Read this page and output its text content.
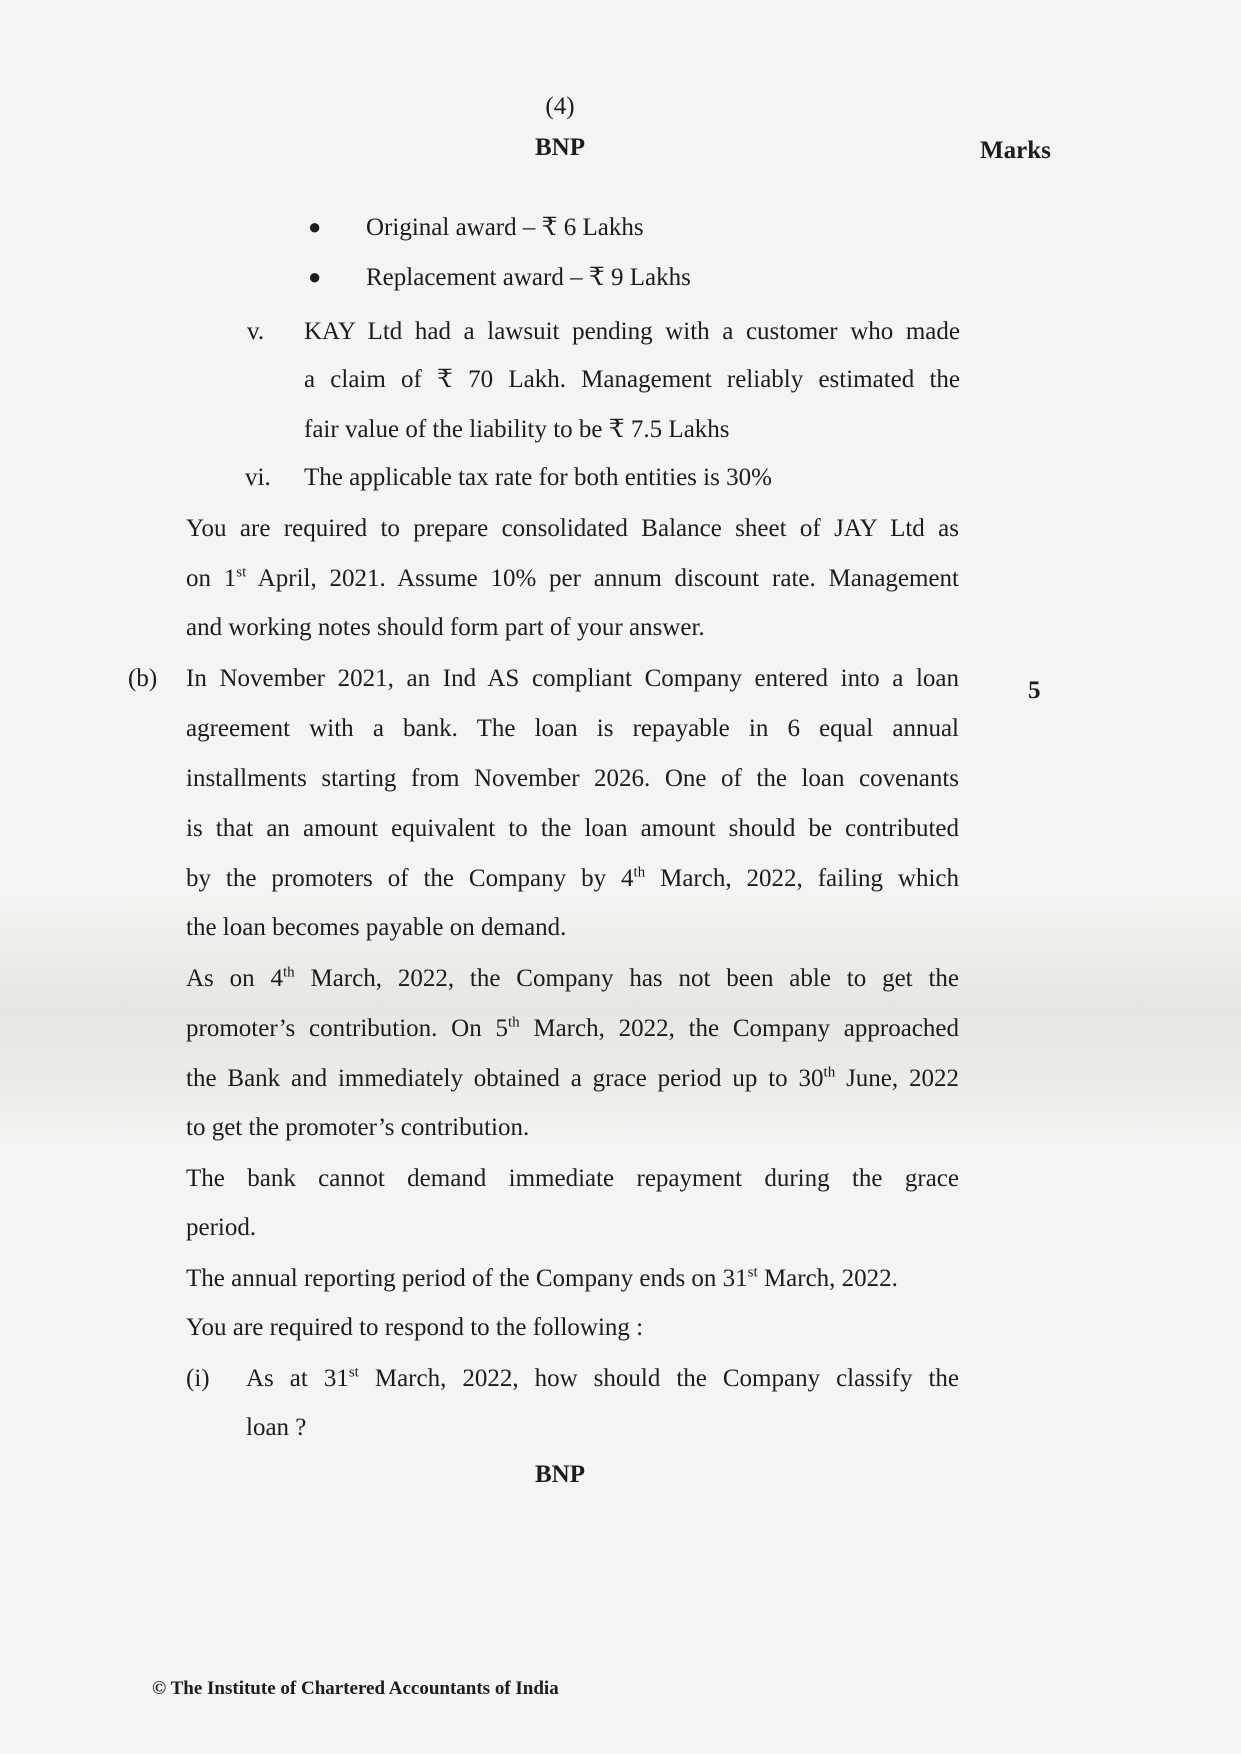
(4)
BNP	Marks
● Original award – ₹ 6 Lakhs
● Replacement award – ₹ 9 Lakhs
v. KAY Ltd had a lawsuit pending with a customer who made
a claim of ₹ 70 Lakh. Management reliably estimated the
fair value of the liability to be ₹ 7.5 Lakhs
vi. The applicable tax rate for both entities is 30%
You are required to prepare consolidated Balance sheet of JAY Ltd as
on 1st April, 2021. Assume 10% per annum discount rate. Management
and working notes should form part of your answer.
(b)	5
In November 2021, an Ind AS compliant Company entered into a loan
agreement with a bank. The loan is repayable in 6 equal annual
installments starting from November 2026. One of the loan covenants
is that an amount equivalent to the loan amount should be contributed
by the promoters of the Company by 4th March, 2022, failing which
the loan becomes payable on demand.
As on 4th March, 2022, the Company has not been able to get the
promoter’s contribution. On 5th March, 2022, the Company approached
the Bank and immediately obtained a grace period up to 30th June, 2022
to get the promoter’s contribution.
The bank cannot demand immediate repayment during the grace
period.
The annual reporting period of the Company ends on 31st March, 2022.
You are required to respond to the following :
(i) As at 31st March, 2022, how should the Company classify the
loan ?
BNP
© The Institute of Chartered Accountants of India
